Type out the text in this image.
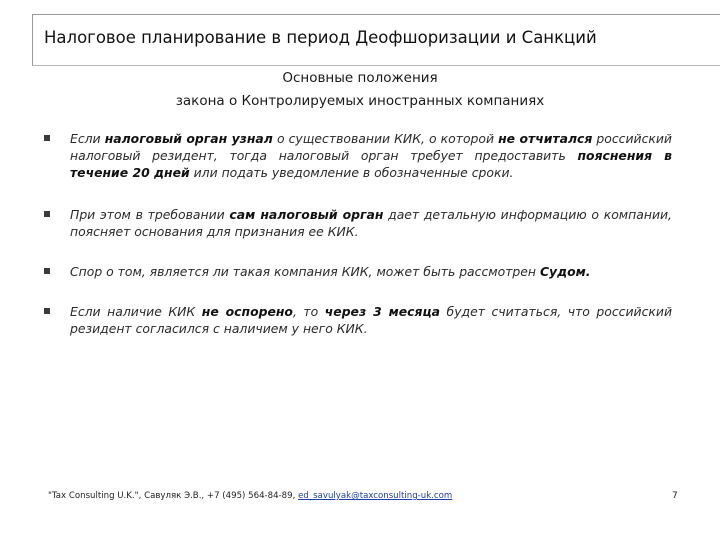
Налоговое планирование в период Деофшоризации и Санкций
Основные положения
закона о Контролируемых иностранных компаниях
Если налоговый орган узнал о существовании КИК, о которой не отчитался российский налоговый резидент, тогда налоговый орган требует предоставить пояснения в течение 20 дней или подать уведомление в обозначенные сроки.
При этом в требовании сам налоговый орган дает детальную информацию о компании, поясняет основания для признания ее КИК.
Спор о том, является ли такая компания КИК, может быть рассмотрен Судом.
Если наличие КИК не оспорено, то через 3 месяца будет считаться, что российский резидент согласился с наличием у него КИК.
"Tax Consulting U.K.", Савуляк Э.В., +7 (495) 564-84-89, ed_savulyak@taxconsulting-uk.com	7
